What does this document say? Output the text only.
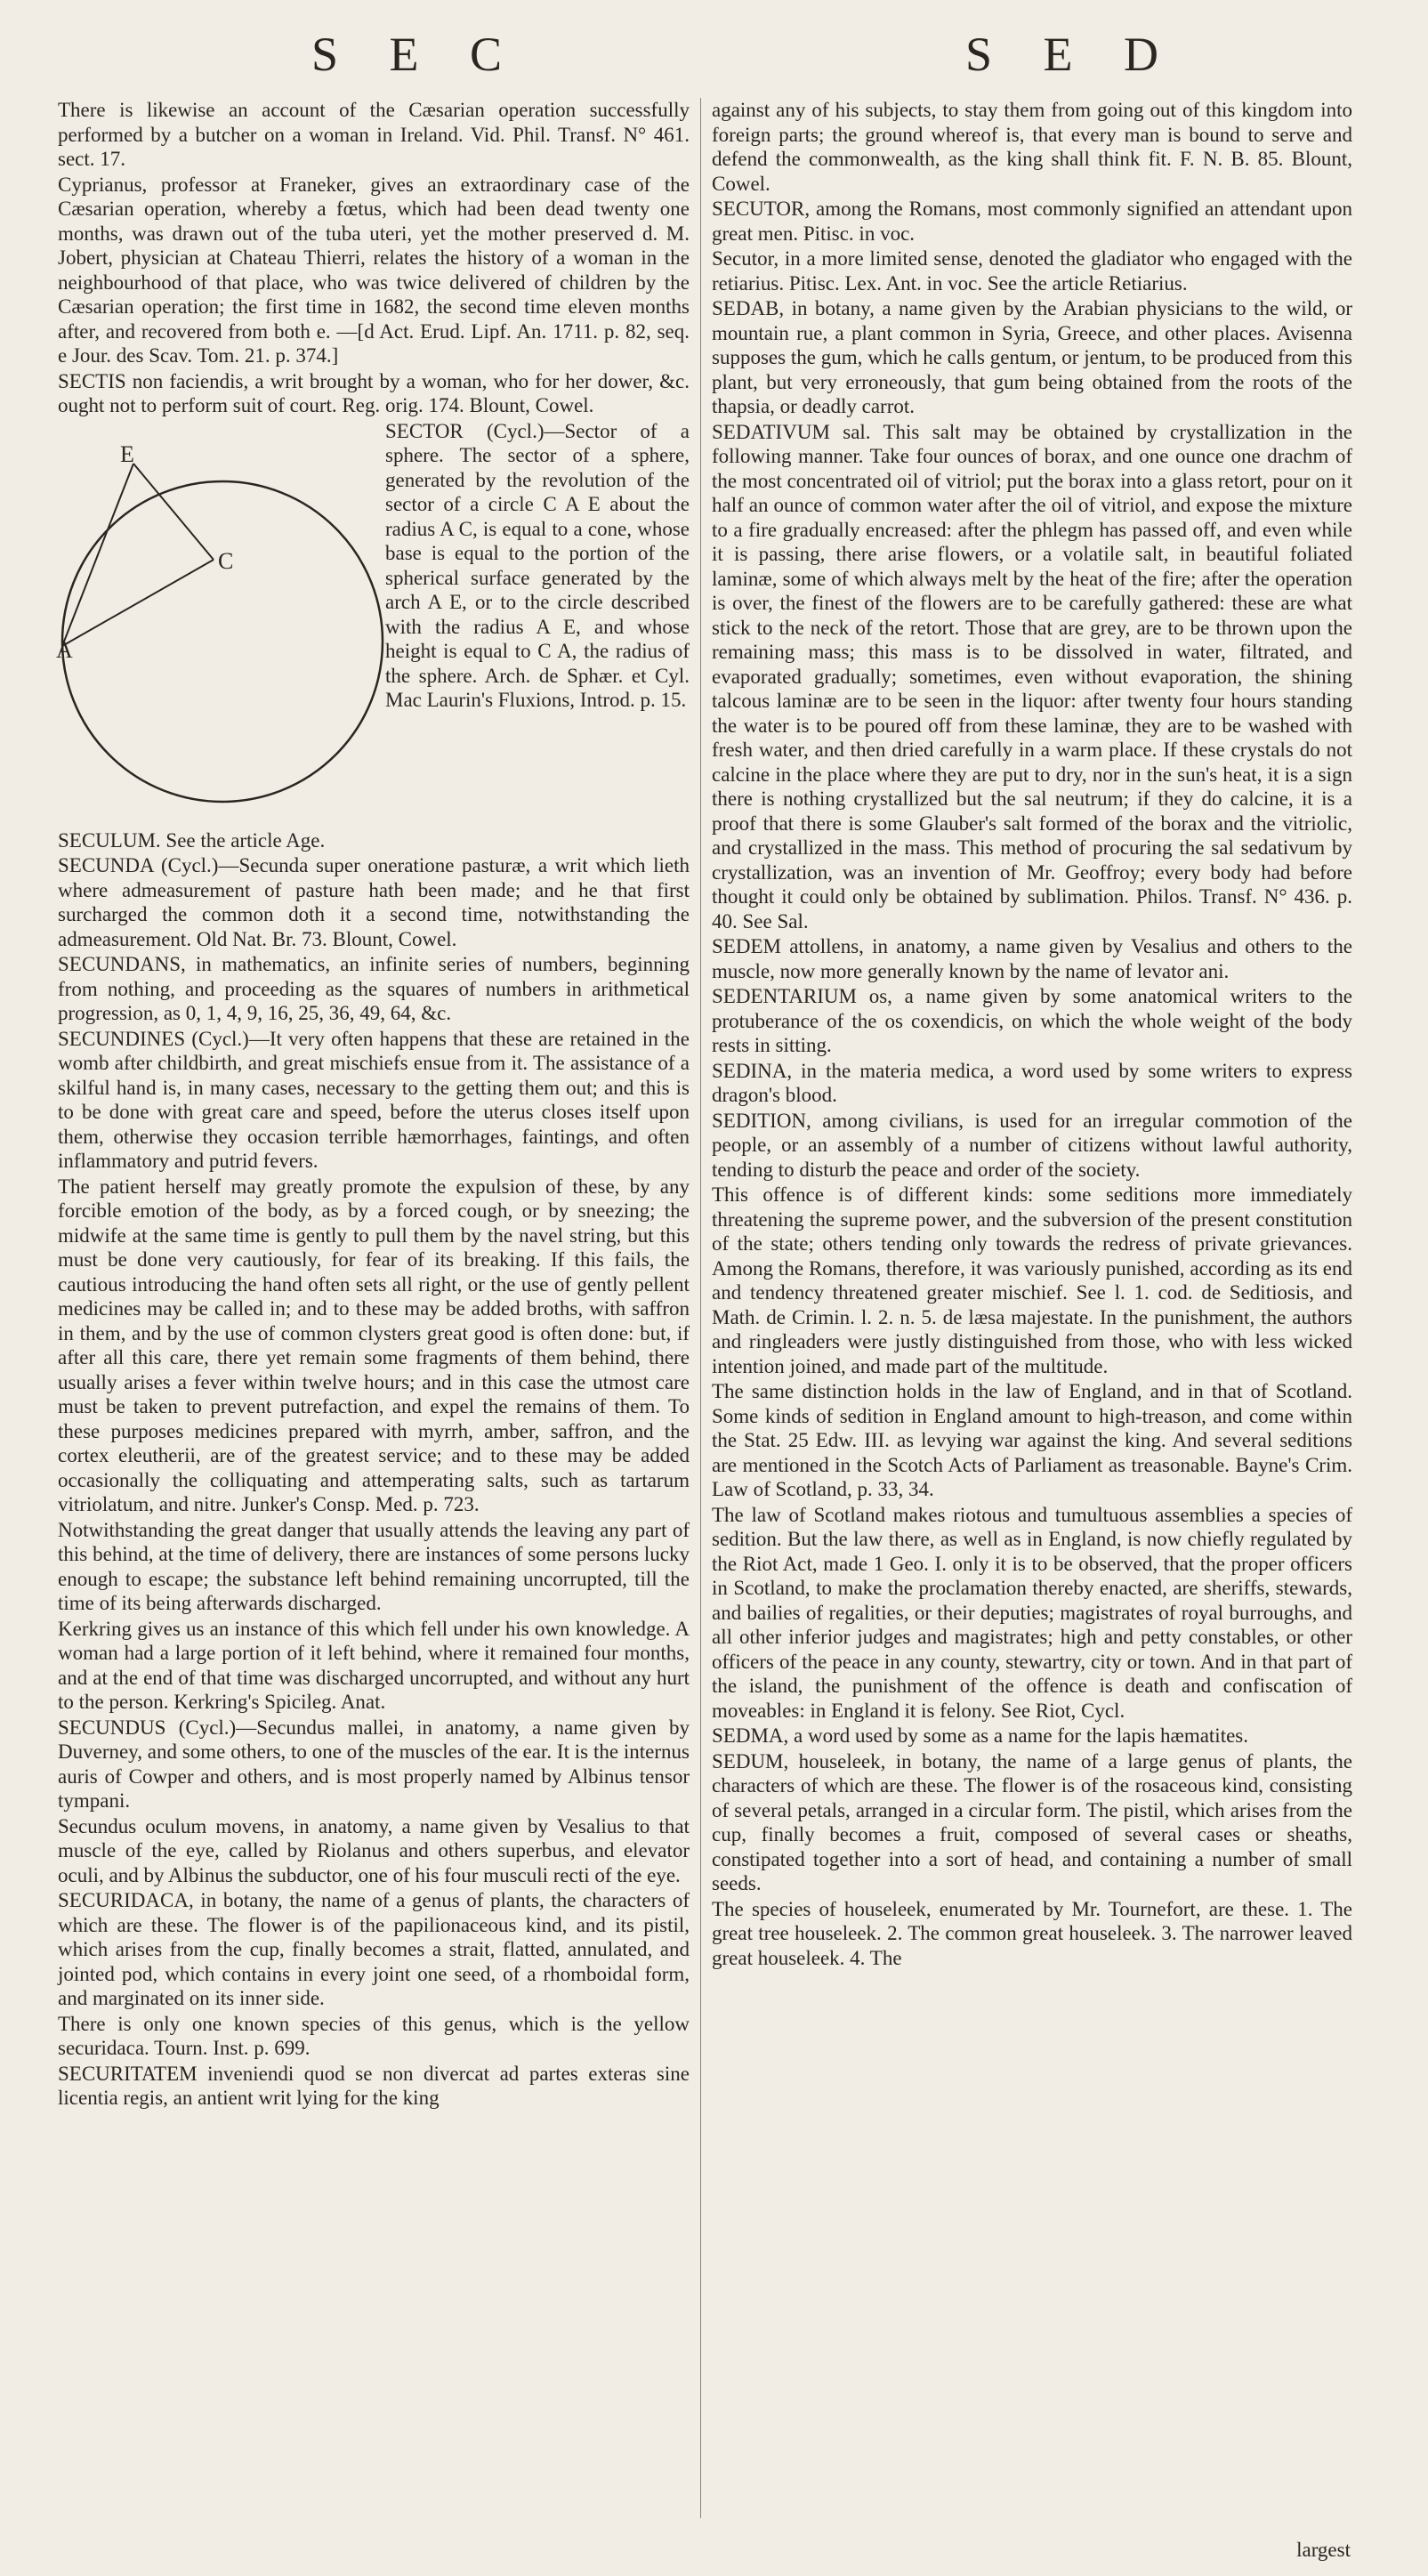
S E C	S E D

There is likewise an account of the Cæsarian operation successfully performed by a butcher on a woman in Ireland. Vid. Phil. Transf. N° 461. sect. 17.

Cyprianus, professor at Franeker, gives an extraordinary case of the Cæsarian operation, whereby a fœtus, which had been dead twenty one months, was drawn out of the tuba uteri, yet the mother preserved d. M. Jobert, physician at Chateau Thierri, relates the history of a woman in the neighbourhood of that place, who was twice delivered of children by the Cæsarian operation; the first time in 1682, the second time eleven months after, and recovered from both e. —[d Act. Erud. Lipf. An. 1711. p. 82, seq. e Jour. des Scav. Tom. 21. p. 374.]

SECTIS non faciendis, a writ brought by a woman, who for her dower, &c. ought not to perform suit of court. Reg. orig. 174. Blount, Cowel.

E
A
C

SECTOR (Cycl.)—Sector of a sphere. The sector of a sphere, generated by the revolution of the sector of a circle C A E about the radius A C, is equal to a cone, whose base is equal to the portion of the spherical surface generated by the arch A E, or to the circle described with the radius A E, and whose height is equal to C A, the radius of the sphere. Arch. de Sphær. et Cyl. Mac Laurin's Fluxions, Introd. p. 15.

SECULUM. See the article Age.

SECUNDA (Cycl.)—Secunda super oneratione pasturæ, a writ which lieth where admeasurement of pasture hath been made; and he that first surcharged the common doth it a second time, notwithstanding the admeasurement. Old Nat. Br. 73. Blount, Cowel.

SECUNDANS, in mathematics, an infinite series of numbers, beginning from nothing, and proceeding as the squares of numbers in arithmetical progression, as 0, 1, 4, 9, 16, 25, 36, 49, 64, &c.

SECUNDINES (Cycl.)—It very often happens that these are retained in the womb after childbirth, and great mischiefs ensue from it. The assistance of a skilful hand is, in many cases, necessary to the getting them out; and this is to be done with great care and speed, before the uterus closes itself upon them, otherwise they occasion terrible hæmorrhages, faintings, and often inflammatory and putrid fevers.

The patient herself may greatly promote the expulsion of these, by any forcible emotion of the body, as by a forced cough, or by sneezing; the midwife at the same time is gently to pull them by the navel string, but this must be done very cautiously, for fear of its breaking. If this fails, the cautious introducing the hand often sets all right, or the use of gently pellent medicines may be called in; and to these may be added broths, with saffron in them, and by the use of common clysters great good is often done: but, if after all this care, there yet remain some fragments of them behind, there usually arises a fever within twelve hours; and in this case the utmost care must be taken to prevent putrefaction, and expel the remains of them. To these purposes medicines prepared with myrrh, amber, saffron, and the cortex eleutherii, are of the greatest service; and to these may be added occasionally the colliquating and attemperating salts, such as tartarum vitriolatum, and nitre. Junker's Consp. Med. p. 723.

Notwithstanding the great danger that usually attends the leaving any part of this behind, at the time of delivery, there are instances of some persons lucky enough to escape; the substance left behind remaining uncorrupted, till the time of its being afterwards discharged.

Kerkring gives us an instance of this which fell under his own knowledge. A woman had a large portion of it left behind, where it remained four months, and at the end of that time was discharged uncorrupted, and without any hurt to the person. Kerkring's Spicileg. Anat.

SECUNDUS (Cycl.)—Secundus mallei, in anatomy, a name given by Duverney, and some others, to one of the muscles of the ear. It is the internus auris of Cowper and others, and is most properly named by Albinus tensor tympani.

Secundus oculum movens, in anatomy, a name given by Vesalius to that muscle of the eye, called by Riolanus and others superbus, and elevator oculi, and by Albinus the subductor, one of his four musculi recti of the eye.

SECURIDACA, in botany, the name of a genus of plants, the characters of which are these. The flower is of the papilionaceous kind, and its pistil, which arises from the cup, finally becomes a strait, flatted, annulated, and jointed pod, which contains in every joint one seed, of a rhomboidal form, and marginated on its inner side.

There is only one known species of this genus, which is the yellow securidaca. Tourn. Inst. p. 699.

SECURITATEM inveniendi quod se non divercat ad partes exteras sine licentia regis, an antient writ lying for the king

against any of his subjects, to stay them from going out of this kingdom into foreign parts; the ground whereof is, that every man is bound to serve and defend the commonwealth, as the king shall think fit. F. N. B. 85. Blount, Cowel.

SECUTOR, among the Romans, most commonly signified an attendant upon great men. Pitisc. in voc.

Secutor, in a more limited sense, denoted the gladiator who engaged with the retiarius. Pitisc. Lex. Ant. in voc. See the article Retiarius.

SEDAB, in botany, a name given by the Arabian physicians to the wild, or mountain rue, a plant common in Syria, Greece, and other places. Avisenna supposes the gum, which he calls gentum, or jentum, to be produced from this plant, but very erroneously, that gum being obtained from the roots of the thapsia, or deadly carrot.

SEDATIVUM sal. This salt may be obtained by crystallization in the following manner. Take four ounces of borax, and one ounce one drachm of the most concentrated oil of vitriol; put the borax into a glass retort, pour on it half an ounce of common water after the oil of vitriol, and expose the mixture to a fire gradually encreased: after the phlegm has passed off, and even while it is passing, there arise flowers, or a volatile salt, in beautiful foliated laminæ, some of which always melt by the heat of the fire; after the operation is over, the finest of the flowers are to be carefully gathered: these are what stick to the neck of the retort. Those that are grey, are to be thrown upon the remaining mass; this mass is to be dissolved in water, filtrated, and evaporated gradually; sometimes, even without evaporation, the shining talcous laminæ are to be seen in the liquor: after twenty four hours standing the water is to be poured off from these laminæ, they are to be washed with fresh water, and then dried carefully in a warm place. If these crystals do not calcine in the place where they are put to dry, nor in the sun's heat, it is a sign there is nothing crystallized but the sal neutrum; if they do calcine, it is a proof that there is some Glauber's salt formed of the borax and the vitriolic, and crystallized in the mass. This method of procuring the sal sedativum by crystallization, was an invention of Mr. Geoffroy; every body had before thought it could only be obtained by sublimation. Philos. Transf. N° 436. p. 40. See Sal.

SEDEM attollens, in anatomy, a name given by Vesalius and others to the muscle, now more generally known by the name of levator ani.

SEDENTARIUM os, a name given by some anatomical writers to the protuberance of the os coxendicis, on which the whole weight of the body rests in sitting.

SEDINA, in the materia medica, a word used by some writers to express dragon's blood.

SEDITION, among civilians, is used for an irregular commotion of the people, or an assembly of a number of citizens without lawful authority, tending to disturb the peace and order of the society.

This offence is of different kinds: some seditions more immediately threatening the supreme power, and the subversion of the present constitution of the state; others tending only towards the redress of private grievances. Among the Romans, therefore, it was variously punished, according as its end and tendency threatened greater mischief. See l. 1. cod. de Seditiosis, and Math. de Crimin. l. 2. n. 5. de læsa majestate. In the punishment, the authors and ringleaders were justly distinguished from those, who with less wicked intention joined, and made part of the multitude.

The same distinction holds in the law of England, and in that of Scotland. Some kinds of sedition in England amount to high-treason, and come within the Stat. 25 Edw. III. as levying war against the king. And several seditions are mentioned in the Scotch Acts of Parliament as treasonable. Bayne's Crim. Law of Scotland, p. 33, 34.

The law of Scotland makes riotous and tumultuous assemblies a species of sedition. But the law there, as well as in England, is now chiefly regulated by the Riot Act, made 1 Geo. I. only it is to be observed, that the proper officers in Scotland, to make the proclamation thereby enacted, are sheriffs, stewards, and bailies of regalities, or their deputies; magistrates of royal burroughs, and all other inferior judges and magistrates; high and petty constables, or other officers of the peace in any county, stewartry, city or town. And in that part of the island, the punishment of the offence is death and confiscation of moveables: in England it is felony. See Riot, Cycl.

SEDMA, a word used by some as a name for the lapis hæmatites.

SEDUM, houseleek, in botany, the name of a large genus of plants, the characters of which are these. The flower is of the rosaceous kind, consisting of several petals, arranged in a circular form. The pistil, which arises from the cup, finally becomes a fruit, composed of several cases or sheaths, constipated together into a sort of head, and containing a number of small seeds.

The species of houseleek, enumerated by Mr. Tournefort, are these. 1. The great tree houseleek. 2. The common great houseleek. 3. The narrower leaved great houseleek. 4. The

largest
